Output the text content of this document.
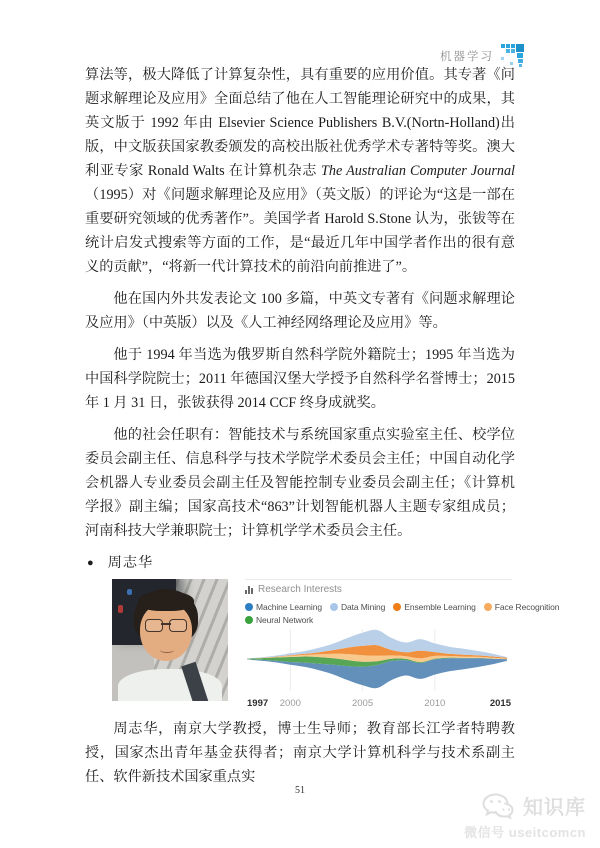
机器学习

算法等，极大降低了计算复杂性，具有重要的应用价值。其专著《问题求解理论及应用》全面总结了他在人工智能理论研究中的成果，其英文版于 1992 年由 Elsevier Science Publishers B.V.(Nortn-Holland)出版，中文版获国家教委颁发的高校出版社优秀学术专著特等奖。澳大利亚专家 Ronald Walts 在计算机杂志 The Australian Computer Journal（1995）对《问题求解理论及应用》（英文版）的评论为“这是一部在重要研究领域的优秀著作”。美国学者 Harold S.Stone 认为，张钹等在统计启发式搜索等方面的工作，是“最近几年中国学者作出的很有意义的贡献”，“将新一代计算技术的前沿向前推进了”。

他在国内外共发表论文 100 多篇，中英文专著有《问题求解理论及应用》（中英版）以及《人工神经网络理论及应用》等。

他于 1994 年当选为俄罗斯自然科学院外籍院士；1995 年当选为中国科学院院士；2011 年德国汉堡大学授予自然科学名誉博士；2015 年 1 月 31 日，张钹获得 2014 CCF 终身成就奖。

他的社会任职有：智能技术与系统国家重点实验室主任、校学位委员会副主任、信息科学与技术学院学术委员会主任；中国自动化学会机器人专业委员会副主任及智能控制专业委员会副主任；《计算机学报》副主编；国家高技术“863”计划智能机器人主题专家组成员；河南科技大学兼职院士；计算机学学术委员会主任。

● 周志华
Research Interests
Machine Learning Data Mining Ensemble Learning Face Recognition
Neural Network
1997 2000	2005	2010	2015

周志华，南京大学教授，博士生导师；教育部长江学者特聘教授，国家杰出青年基金获得者；南京大学计算机科学与技术系副主任、软件新技术国家重点实

51
知识库
微信号 useitcomcn
